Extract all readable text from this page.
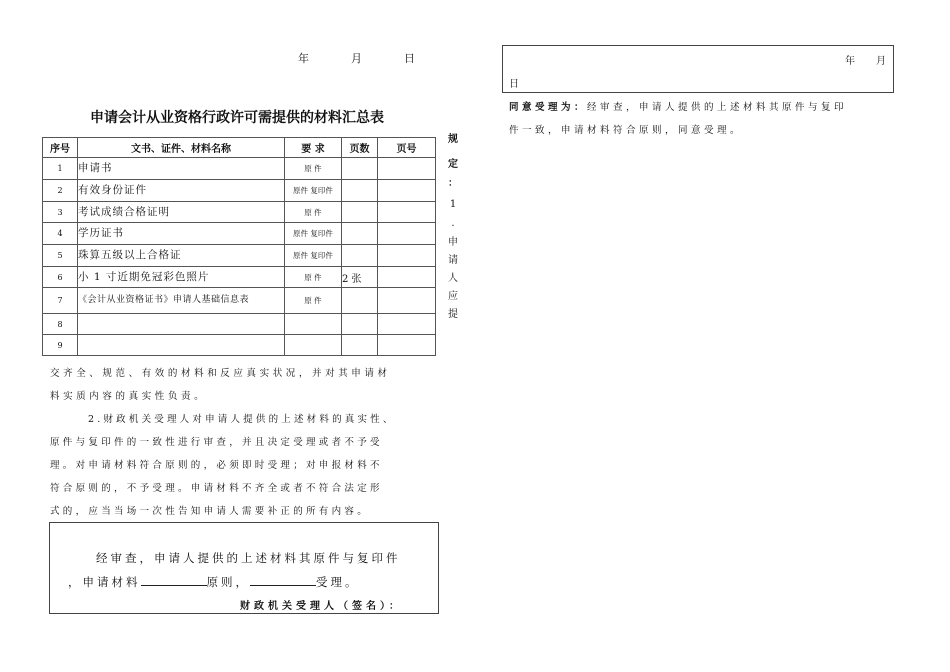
年	月	日
申请会计从业资格行政许可需提供的材料汇总表
序号	文书、证件、材料名称	要 求	页数	页号
1	申请书	原 件		
2	有效身份证件	原件 复印件		
3	考试成绩合格证明	原 件		
4	学历证书	原件 复印件		
5	珠算五级以上合格证	原件 复印件		
6	小 1 寸近期免冠彩色照片	原 件	2 张	
7	《会计从业资格证书》申请人基础信息表	原 件		
8				
9				
规
定
：
1
.
申
请
人
应
提
交齐全、规范、有效的材料和反应真实状况，并对其申请材
料实质内容的真实性负责。
2.财政机关受理人对申请人提供的上述材料的真实性、
原件与复印件的一致性进行审查，并且决定受理或者不予受
理。对申请材料符合原则的，必须即时受理；对申报材料不
符合原则的，不予受理。申请材料不齐全或者不符合法定形
式的，应当当场一次性告知申请人需要补正的所有内容。
经审查，申请人提供的上述材料其原件与复印件
，申请材料	原则，	受理。
财政机关受理人（签名）：
年 月
日
同意受理为：经审查，申请人提供的上述材料其原件与复印
件一致，申请材料符合原则，同意受理。
